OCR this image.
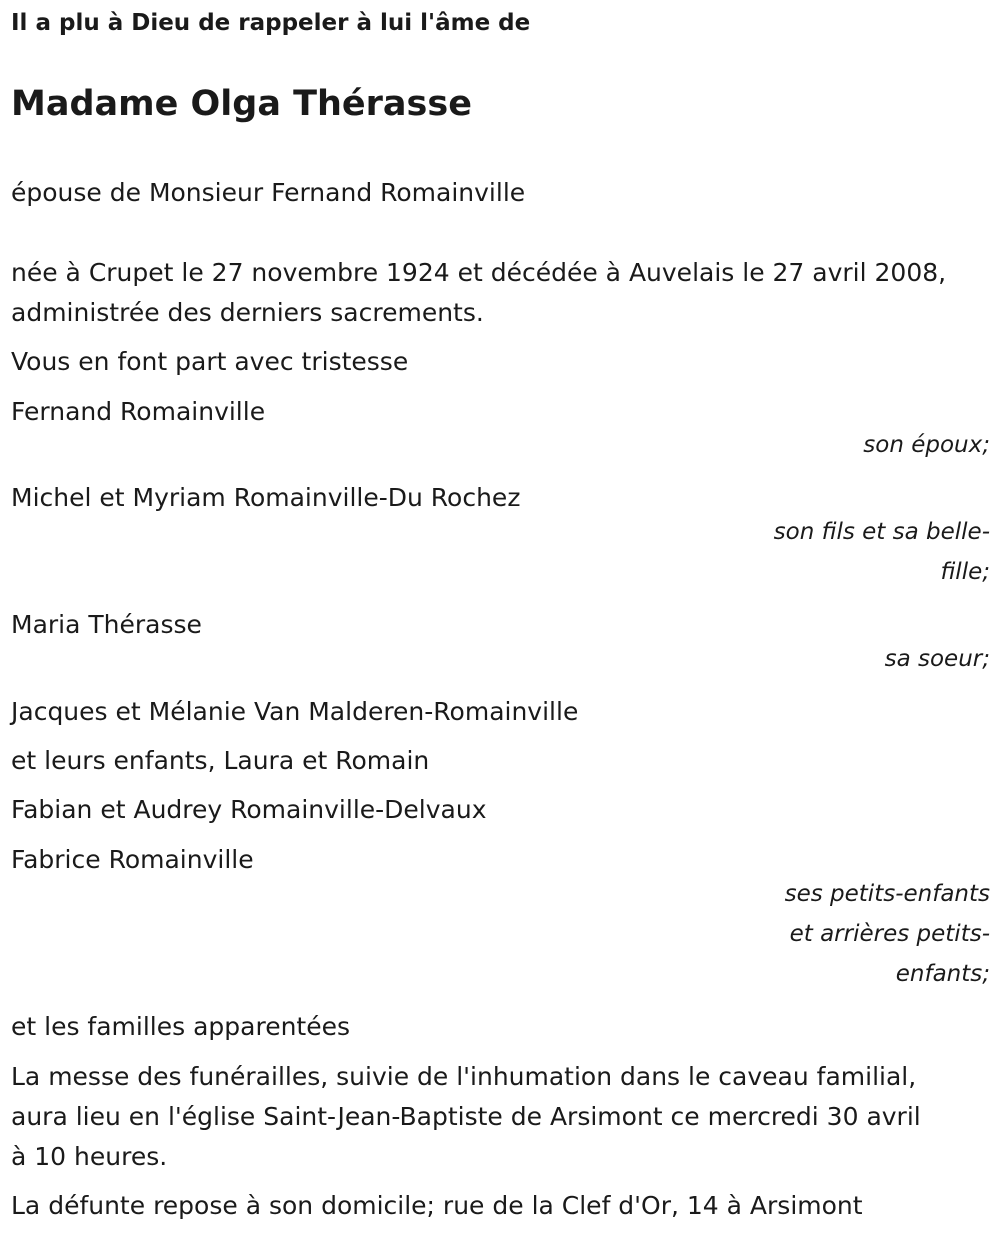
Il a plu à Dieu de rappeler à lui l'âme de

Madame Olga Thérasse

épouse de Monsieur Fernand Romainville

née à Crupet le 27 novembre 1924 et décédée à Auvelais le 27 avril 2008,

administrée des derniers sacrements.

Vous en font part avec tristesse

Fernand Romainville

son époux;

Michel et Myriam Romainville-Du Rochez

son fils et sa belle-

fille;

Maria Thérasse

sa soeur;

Jacques et Mélanie Van Malderen-Romainville

et leurs enfants, Laura et Romain

Fabian et Audrey Romainville-Delvaux

Fabrice Romainville

ses petits-enfants

et arrières petits-

enfants;

et les familles apparentées

La messe des funérailles, suivie de l'inhumation dans le caveau familial,

aura lieu en l'église Saint-Jean-Baptiste de Arsimont ce mercredi 30 avril

à 10 heures.

La défunte repose à son domicile; rue de la Clef d'Or, 14 à Arsimont
